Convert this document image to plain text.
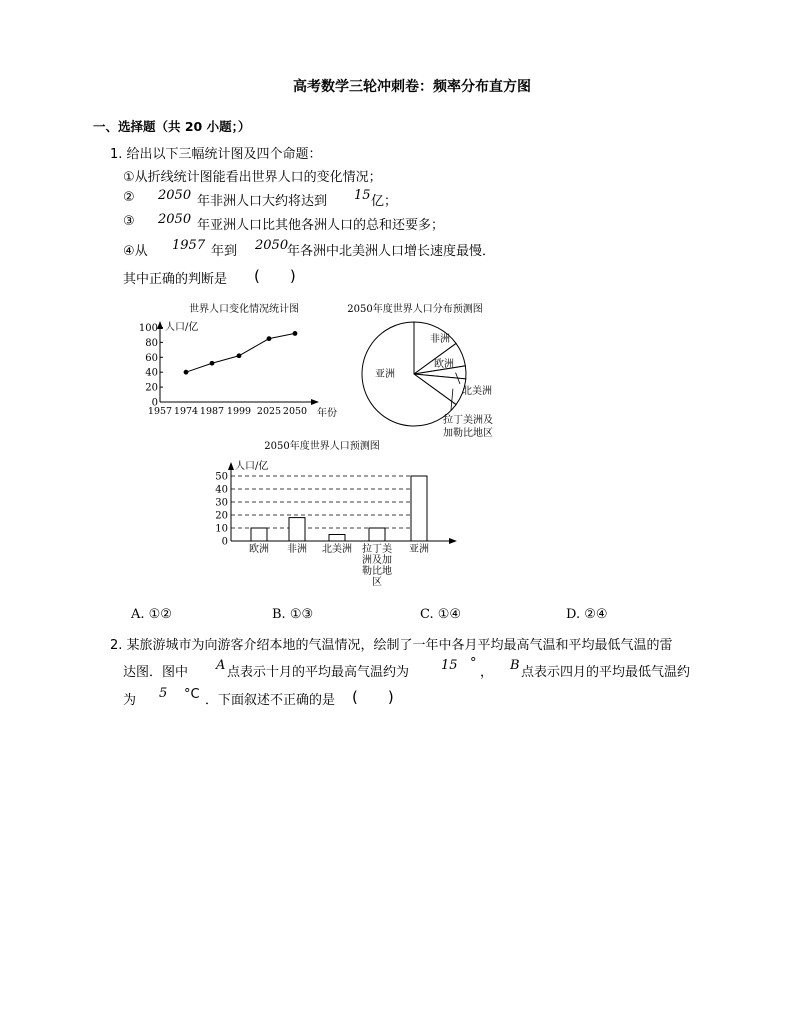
高考数学三轮冲刺卷：频率分布直方图
一、选择题（共 20 小题；）
1. 给出以下三幅统计图及四个命题：
①从折线统计图能看出世界人口的变化情况；
② 2050 年非洲人口大约将达到 15 亿；
③ 2050 年亚洲人口比其他各洲人口的总和还要多；
④从 1957 年到 2050
年各洲中北美洲人口增长速度最慢．
其中正确的判断是 (　　)
世界人口变化情况统计图
人口/亿
年份
0
20
40
60
80
100
1957 1974 1987 1999 2025 2050
2050年度世界人口分布预测图
非洲
欧洲
北美洲
拉丁美洲及
加勒比地区
亚洲
2050年度世界人口预测图
人口/亿
0
10
20
30
40
50
欧洲 非洲 北美洲 拉丁美
洲及加
勒比地
区
亚洲
A. ①②	B. ①③	C. ①④	D. ②④
2. 某旅游城市为向游客介绍本地的气温情况，绘制了一年中各月平均最高气温和平均最低气温的雷
达图．图中 A 点表示十月的平均最高气温约为 15 °
， B 点表示四月的平均最低气温约
为 5 °C ．下面叙述不正确的是 (　　)
